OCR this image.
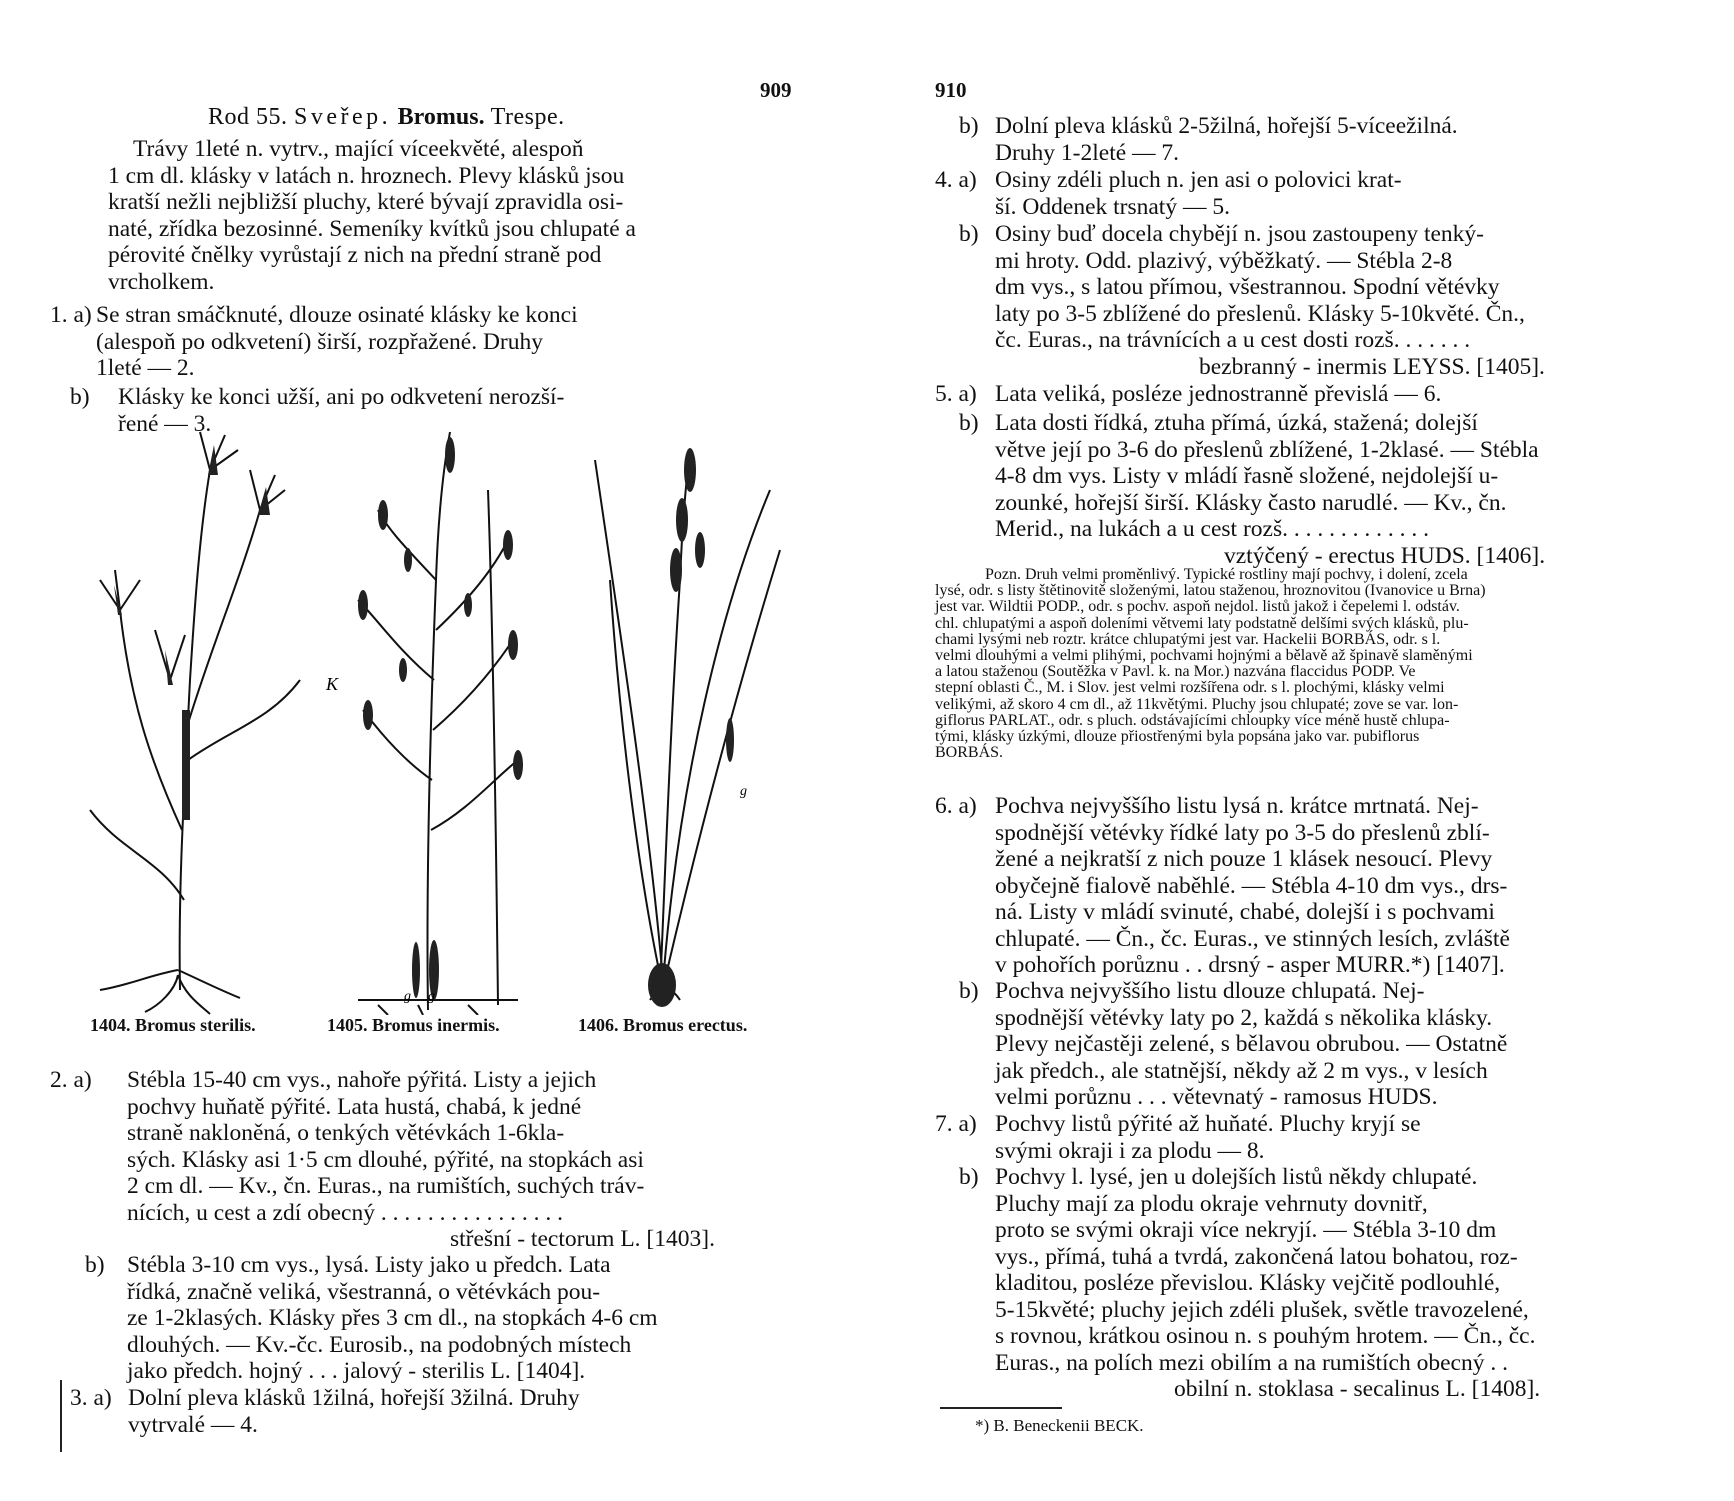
909
Rod 55. Sveřep. Bromus. Trespe.
Trávy 1leté n. vytrv., mající víceekvěté, alespoň
1 cm dl. klásky v latách n. hroznech. Plevy klásků jsou
kratší nežli nejbližší pluchy, které bývají zpravidla osi-
naté, zřídka bezosinné. Semeníky kvítků jsou chlupaté a
pérovité čnělky vyrůstají z nich na přední straně pod
vrcholkem.
1. a) Se stran smáčknuté, dlouze osinaté klásky ke konci
(alespoň po odkvetení) širší, rozpřažené. Druhy
1leté — 2.
b) Klásky ke konci užší, ani po odkvetení nerozší-
řené — 3.
K
g g
g
1404. Bromus sterilis.	1405. Bromus inermis.	1406. Bromus erectus.
2. a) Stébla 15-40 cm vys., nahoře pýřitá. Listy a jejich
pochvy huňatě pýřité. Lata hustá, chabá, k jedné
straně nakloněná, o tenkých větévkách 1-6kla-
sých. Klásky asi 1·5 cm dlouhé, pýřité, na stopkách asi
2 cm dl. — Kv., čn. Euras., na rumištích, suchých tráv-
nících, u cest a zdí obecný . . . . . . . . . . . . . . . .
střešní - tectorum L. [1403].
b) Stébla 3-10 cm vys., lysá. Listy jako u předch. Lata
řídká, značně veliká, všestranná, o větévkách pou-
ze 1-2klasých. Klásky přes 3 cm dl., na stopkách 4-6 cm
dlouhých. — Kv.-čc. Eurosib., na podobných místech
jako předch. hojný . . . jalový - sterilis L. [1404].
3. a) Dolní pleva klásků 1žilná, hořejší 3žilná. Druhy
vytrvalé — 4.
910
b) Dolní pleva klásků 2-5žilná, hořejší 5-víceežilná.
Druhy 1-2leté — 7.
4. a) Osiny zdéli pluch n. jen asi o polovici krat-
ší. Oddenek trsnatý — 5.
b) Osiny buď docela chybějí n. jsou zastoupeny tenký-
mi hroty. Odd. plazivý, výběžkatý. — Stébla 2-8
dm vys., s latou přímou, všestrannou. Spodní větévky
laty po 3-5 zblížené do přeslenů. Klásky 5-10květé. Čn.,
čc. Euras., na trávnících a u cest dosti rozš. . . . . . .
bezbranný - inermis LEYSS. [1405].
5. a) Lata veliká, posléze jednostranně převislá — 6.
b) Lata dosti řídká, ztuha přímá, úzká, stažená; dolejší
větve její po 3-6 do přeslenů zblížené, 1-2klasé. — Stébla
4-8 dm vys. Listy v mládí řasně složené, nejdolejší u-
zounké, hořejší širší. Klásky často narudlé. — Kv., čn.
Merid., na lukách a u cest rozš. . . . . . . . . . . . .
vztýčený - erectus HUDS. [1406].
Pozn. Druh velmi proměnlivý. Typické rostliny mají pochvy, i dolení, zcela
lysé, odr. s listy štětinovitě složenými, latou staženou, hroznovitou (Ivanovice u Brna)
jest var. Wildtii PODP., odr. s pochv. aspoň nejdol. listů jakož i čepelemi l. odstáv.
chl. chlupatými a aspoň doleními větvemi laty podstatně delšími svých klásků, plu-
chami lysými neb roztr. krátce chlupatými jest var. Hackelii BORBÁS, odr. s l.
velmi dlouhými a velmi plihými, pochvami hojnými a bělavě až špinavě slaměnými
a latou staženou (Soutěžka v Pavl. k. na Mor.) nazvána flaccidus PODP. Ve
stepní oblasti Č., M. i Slov. jest velmi rozšířena odr. s l. plochými, klásky velmi
velikými, až skoro 4 cm dl., až 11květými. Pluchy jsou chlupaté; zove se var. lon-
giflorus PARLAT., odr. s pluch. odstávajícími chloupky více méně hustě chlupa-
tými, klásky úzkými, dlouze přiostřenými byla popsána jako var. pubiflorus
BORBÁS.
6. a) Pochva nejvyššího listu lysá n. krátce mrtnatá. Nej-
spodnější větévky řídké laty po 3-5 do přeslenů zblí-
žené a nejkratší z nich pouze 1 klásek nesoucí. Plevy
obyčejně fialově naběhlé. — Stébla 4-10 dm vys., drs-
ná. Listy v mládí svinuté, chabé, dolejší i s pochvami
chlupaté. — Čn., čc. Euras., ve stinných lesích, zvláště
v pohořích porůznu . . drsný - asper MURR.*) [1407].
b) Pochva nejvyššího listu dlouze chlupatá. Nej-
spodnější větévky laty po 2, každá s několika klásky.
Plevy nejčastěji zelené, s bělavou obrubou. — Ostatně
jak předch., ale statnější, někdy až 2 m vys., v lesích
velmi porůznu . . . větevnatý - ramosus HUDS.
7. a) Pochvy listů pýřité až huňaté. Pluchy kryjí se
svými okraji i za plodu — 8.
b) Pochvy l. lysé, jen u dolejších listů někdy chlupaté.
Pluchy mají za plodu okraje vehrnuty dovnitř,
proto se svými okraji více nekryjí. — Stébla 3-10 dm
vys., přímá, tuhá a tvrdá, zakončená latou bohatou, roz-
kladitou, posléze převislou. Klásky vejčitě podlouhlé,
5-15květé; pluchy jejich zdéli plušek, světle travozelené,
s rovnou, krátkou osinou n. s pouhým hrotem. — Čn., čc.
Euras., na polích mezi obilím a na rumištích obecný . .
obilní n. stoklasa - secalinus L. [1408].
*) B. Beneckenii BECK.
